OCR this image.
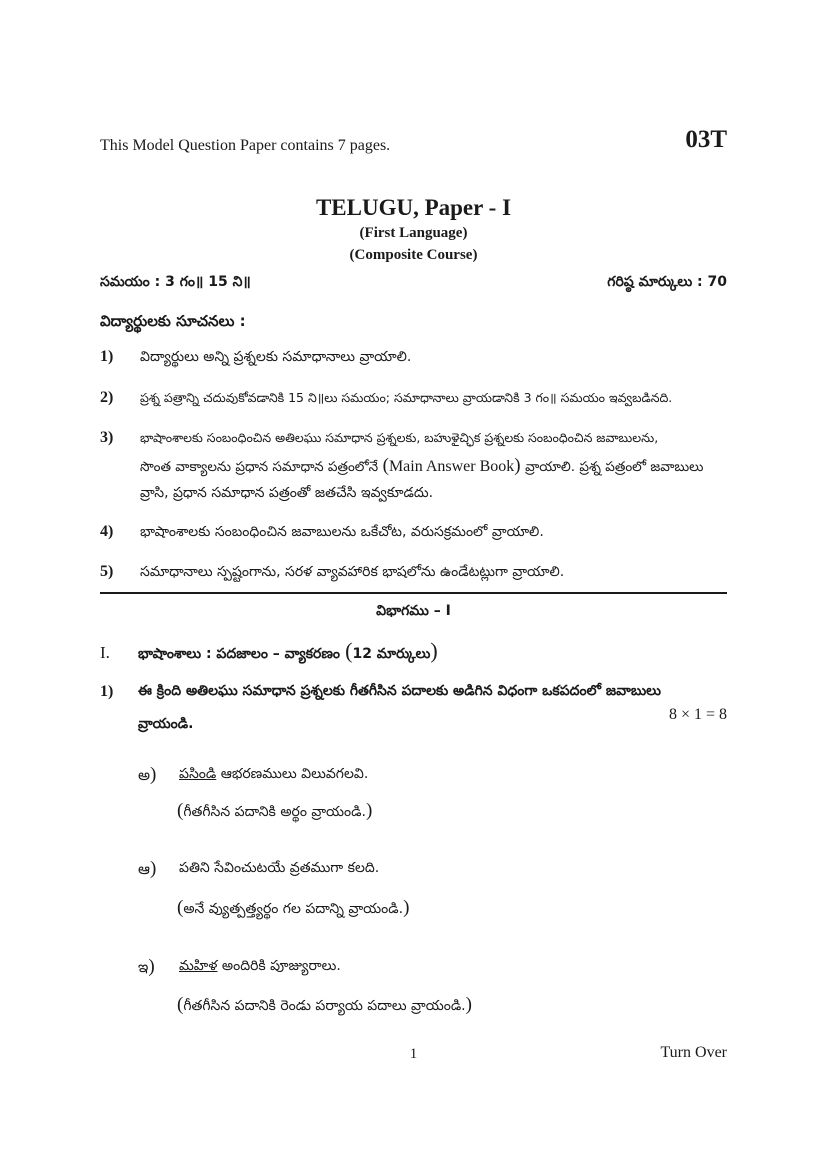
This Model Question Paper contains 7 pages.	03T
TELUGU, Paper - I
(First Language)
(Composite Course)
సమయం : 3 గం॥ 15 ని॥	గరిష్ఠ మార్కులు : 70
విద్యార్థులకు సూచనలు :
1) విద్యార్థులు అన్ని ప్రశ్నలకు సమాధానాలు వ్రాయాలి.
2) ప్రశ్న పత్రాన్ని చదువుకోవడానికి 15 ని॥లు సమయం; సమాధానాలు వ్రాయడానికి 3 గం॥ సమయం ఇవ్వబడినది.
3) భాషాంశాలకు సంబంధించిన అతిలఘు సమాధాన ప్రశ్నలకు, బహుళైచ్ఛిక ప్రశ్నలకు సంబంధించిన జవాబులను,
సొంత వాక్యాలను ప్రధాన సమాధాన పత్రంలోనే (Main Answer Book) వ్రాయాలి. ప్రశ్న పత్రంలో జవాబులు
వ్రాసి, ప్రధాన సమాధాన పత్రంతో జతచేసి ఇవ్వకూడదు.
4) భాషాంశాలకు సంబంధించిన జవాబులను ఒకేచోట, వరుసక్రమంలో వ్రాయాలి.
5) సమాధానాలు స్పష్టంగాను, సరళ వ్యావహారిక భాషలోను ఉండేటట్లుగా వ్రాయాలి.
విభాగము – I
I. భాషాంశాలు : పదజాలం – వ్యాకరణం (12 మార్కులు)
1) ఈ క్రింది అతిలఘు సమాధాన ప్రశ్నలకు గీతగీసిన పదాలకు అడిగిన విధంగా ఒకపదంలో జవాబులు
వ్రాయండి.
8 × 1 = 8
అ) పసిండి ఆభరణములు విలువగలవి.
(గీతగీసిన పదానికి అర్థం వ్రాయండి.)
ఆ) పతిని సేవించుటయే వ్రతముగా కలది.
(అనే వ్యుత్పత్త్యర్థం గల పదాన్ని వ్రాయండి.)
ఇ) మహిళ అందిరికి పూజ్యురాలు.
(గీతగీసిన పదానికి రెండు పర్యాయ పదాలు వ్రాయండి.)
1	Turn Over
